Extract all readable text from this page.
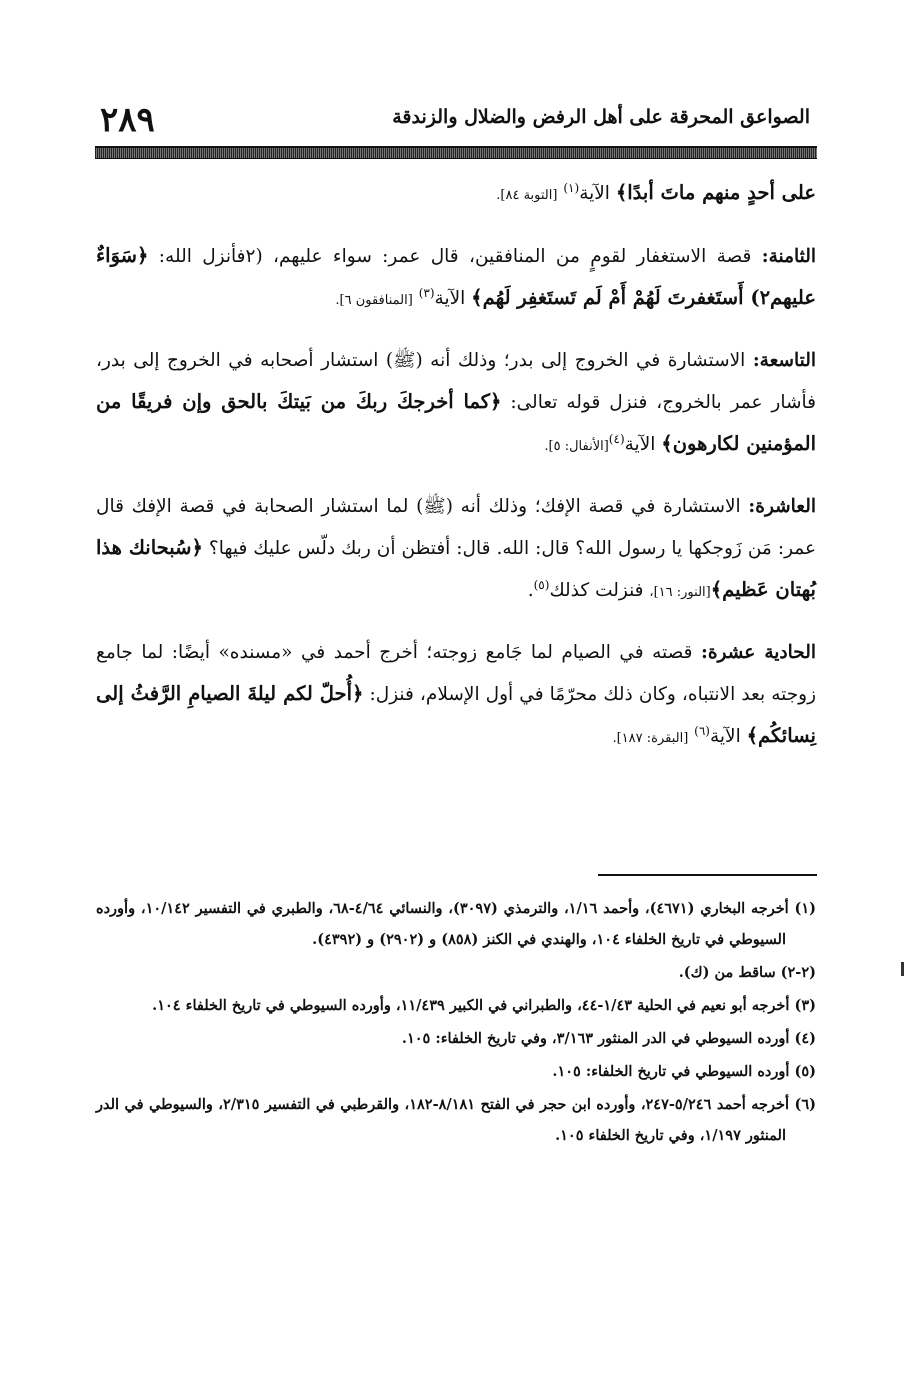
٢٨٩	الصواعق المحرقة على أهل الرفض والضلال والزندقة

على أحدٍ منهم ماتَ أبدًا﴾ الآية$^{(١)}$ [التوبة ٨٤].

الثامنة: قصة الاستغفار لقومٍ من المنافقين، قال عمر: سواء عليهم، (٢فأنزل الله: ﴿سَوَاءٌ عليهم٢) أَستَغفرتَ لَهُمْ أَمْ لَم تَستَغفِر لَهُم﴾ الآية$^{(٣)}$ [المنافقون ٦].

التاسعة: الاستشارة في الخروج إلى بدر؛ وذلك أنه (ﷺ) استشار أصحابه في الخروج إلى بدر، فأشار عمر بالخروج، فنزل قوله تعالى: ﴿كما أخرجكَ ربكَ من بَيتكَ بالحق وإن فريقًا من المؤمنين لكارهون﴾ الآية$^{(٤)}$[الأنفال: ٥].

العاشرة: الاستشارة في قصة الإفك؛ وذلك أنه (ﷺ) لما استشار الصحابة في قصة الإفك قال عمر: مَن زَوجكها يا رسول الله؟ قال: الله. قال: أفتظن أن ربك دلّس عليك فيها؟ ﴿سُبحانك هذا بُهتان عَظيم﴾[النور: ١٦]، فنزلت كذلك$^{(٥)}$.

الحادية عشرة: قصته في الصيام لما جَامع زوجته؛ أخرج أحمد في «مسنده» أيضًا: لما جامع زوجته بعد الانتباه، وكان ذلك محرّمًا في أول الإسلام، فنزل: ﴿أُحلّ لكم ليلةَ الصيامِ الرَّفثُ إلى نِسائكُم﴾ الآية$^{(٦)}$ [البقرة: ١٨٧].

(١) أخرجه البخاري (٤٦٧١)، وأحمد ١/١٦، والترمذي (٣٠٩٧)، والنسائي ٤/٦٤-٦٨، والطبري في التفسير ١٠/١٤٢، وأورده السيوطي في تاريخ الخلفاء ١٠٤، والهندي في الكنز (٨٥٨) و (٢٩٠٢) و (٤٣٩٢).

(٢-٢) ساقط من (ك).

(٣) أخرجه أبو نعيم في الحلية ١/٤٣-٤٤، والطبراني في الكبير ١١/٤٣٩، وأورده السيوطي في تاريخ الخلفاء ١٠٤.

(٤) أورده السيوطي في الدر المنثور ٣/١٦٣، وفي تاريخ الخلفاء: ١٠٥.

(٥) أورده السيوطي في تاريخ الخلفاء: ١٠٥.

(٦) أخرجه أحمد ٥/٢٤٦-٢٤٧، وأورده ابن حجر في الفتح ٨/١٨١-١٨٢، والقرطبي في التفسير ٢/٣١٥، والسيوطي في الدر المنثور ١/١٩٧، وفي تاريخ الخلفاء ١٠٥.
